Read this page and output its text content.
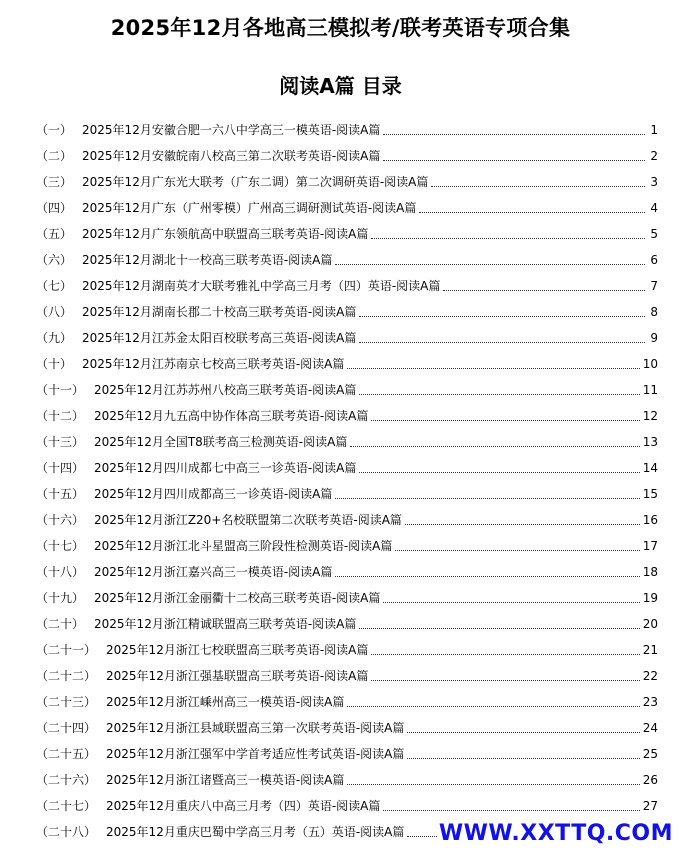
2025年12月各地高三模拟考/联考英语专项合集
阅读A篇 目录
（一） 2025年12月安徽合肥一六八中学高三一模英语-阅读A篇	1
（二） 2025年12月安徽皖南八校高三第二次联考英语-阅读A篇	2
（三） 2025年12月广东光大联考（广东二调）第二次调研英语-阅读A篇	3
（四） 2025年12月广东（广州零模）广州高三调研测试英语-阅读A篇	4
（五） 2025年12月广东领航高中联盟高三联考英语-阅读A篇	5
（六） 2025年12月湖北十一校高三联考英语-阅读A篇	6
（七） 2025年12月湖南英才大联考雅礼中学高三月考（四）英语-阅读A篇	7
（八） 2025年12月湖南长郡二十校高三联考英语-阅读A篇	8
（九） 2025年12月江苏金太阳百校联考高三英语-阅读A篇	9
（十） 2025年12月江苏南京七校高三联考英语-阅读A篇	10
（十一） 2025年12月江苏苏州八校高三联考英语-阅读A篇	11
（十二） 2025年12月九五高中协作体高三联考英语-阅读A篇	12
（十三） 2025年12月全国T8联考高三检测英语-阅读A篇	13
（十四） 2025年12月四川成都七中高三一诊英语-阅读A篇	14
（十五） 2025年12月四川成都高三一诊英语-阅读A篇	15
（十六） 2025年12月浙江Z20+名校联盟第二次联考英语-阅读A篇	16
（十七） 2025年12月浙江北斗星盟高三阶段性检测英语-阅读A篇	17
（十八） 2025年12月浙江嘉兴高三一模英语-阅读A篇	18
（十九） 2025年12月浙江金丽衢十二校高三联考英语-阅读A篇	19
（二十） 2025年12月浙江精诚联盟高三联考英语-阅读A篇	20
（二十一） 2025年12月浙江七校联盟高三联考英语-阅读A篇	21
（二十二） 2025年12月浙江强基联盟高三联考英语-阅读A篇	22
（二十三） 2025年12月浙江嵊州高三一模英语-阅读A篇	23
（二十四） 2025年12月浙江县域联盟高三第一次联考英语-阅读A篇	24
（二十五） 2025年12月浙江强军中学首考适应性考试英语-阅读A篇	25
（二十六） 2025年12月浙江诸暨高三一模英语-阅读A篇	26
（二十七） 2025年12月重庆八中高三月考（四）英语-阅读A篇	27
（二十八） 2025年12月重庆巴蜀中学高三月考（五）英语-阅读A篇 WWW.XXTTQ.COM
